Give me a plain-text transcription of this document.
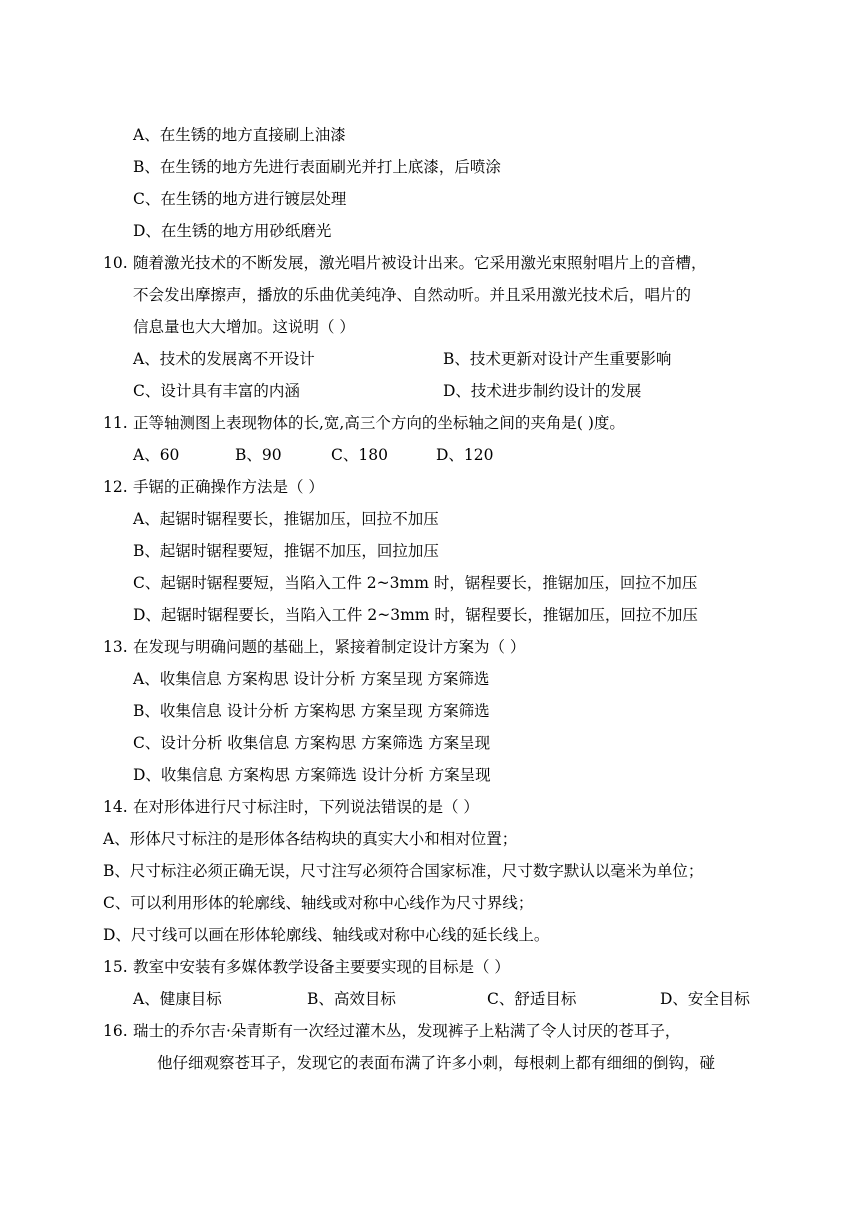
A、在生锈的地方直接刷上油漆
B、在生锈的地方先进行表面刷光并打上底漆，后喷涂
C、在生锈的地方进行镀层处理
D、在生锈的地方用砂纸磨光
10. 随着激光技术的不断发展，激光唱片被设计出来。它采用激光束照射唱片上的音槽，
不会发出摩擦声，播放的乐曲优美纯净、自然动听。并且采用激光技术后，唱片的
信息量也大大增加。这说明（ ）
A、技术的发展离不开设计	B、技术更新对设计产生重要影响
C、设计具有丰富的内涵	D、技术进步制约设计的发展
11. 正等轴测图上表现物体的长,宽,高三个方向的坐标轴之间的夹角是( )度。
A、60	B、90	C、180	D、120
12. 手锯的正确操作方法是（ ）
A、起锯时锯程要长，推锯加压，回拉不加压
B、起锯时锯程要短，推锯不加压，回拉加压
C、起锯时锯程要短，当陷入工件 2~3mm 时，锯程要长，推锯加压，回拉不加压
D、起锯时锯程要长，当陷入工件 2~3mm 时，锯程要长，推锯加压，回拉不加压
13. 在发现与明确问题的基础上，紧接着制定设计方案为（ ）
A、收集信息 方案构思 设计分析 方案呈现 方案筛选
B、收集信息 设计分析 方案构思 方案呈现 方案筛选
C、设计分析 收集信息 方案构思 方案筛选 方案呈现
D、收集信息 方案构思 方案筛选 设计分析 方案呈现
14. 在对形体进行尺寸标注时，下列说法错误的是（ ）
A、形体尺寸标注的是形体各结构块的真实大小和相对位置；
B、尺寸标注必须正确无误，尺寸注写必须符合国家标准，尺寸数字默认以毫米为单位；
C、可以利用形体的轮廓线、轴线或对称中心线作为尺寸界线；
D、尺寸线可以画在形体轮廓线、轴线或对称中心线的延长线上。
15. 教室中安装有多媒体教学设备主要要实现的目标是（ ）
A、健康目标	B、高效目标	C、舒适目标	D、安全目标
16. 瑞士的乔尔吉·朵青斯有一次经过灌木丛，发现裤子上粘满了令人讨厌的苍耳子，
他仔细观察苍耳子，发现它的表面布满了许多小刺，每根刺上都有细细的倒钩，碰
